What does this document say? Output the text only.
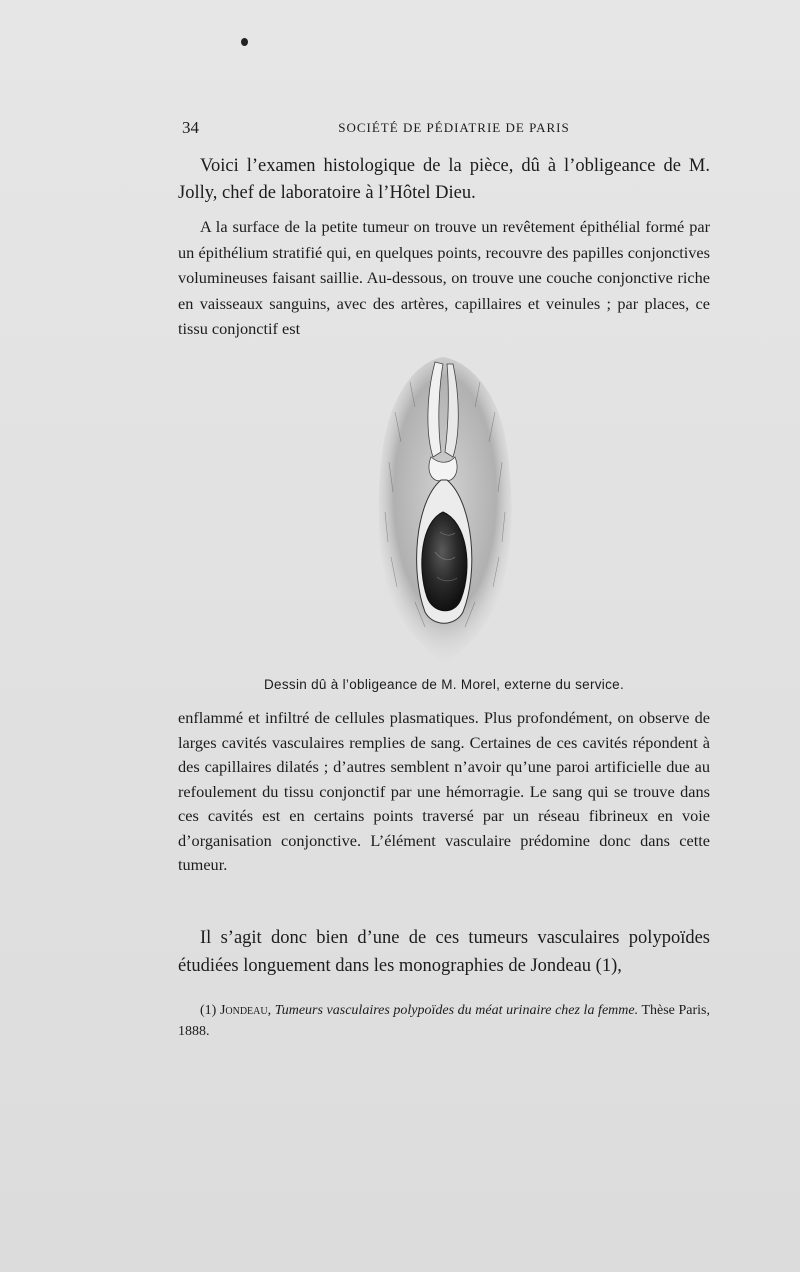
34	SOCIÉTÉ DE PÉDIATRIE DE PARIS

Voici l’examen histologique de la pièce, dû à l’obligeance de M. Jolly, chef de laboratoire à l’Hôtel Dieu.

A la surface de la petite tumeur on trouve un revêtement épithélial formé par un épithélium stratifié qui, en quelques points, recouvre des papilles conjonctives volumineuses faisant saillie. Au-dessous, on trouve une couche conjonctive riche en vaisseaux sanguins, avec des artères, capillaires et veinules ; par places, ce tissu conjonctif est

Dessin dû à l’obligeance de M. Morel, externe du service.

enflammé et infiltré de cellules plasmatiques. Plus profondément, on observe de larges cavités vasculaires remplies de sang. Certaines de ces cavités répondent à des capillaires dilatés ; d’autres semblent n’avoir qu’une paroi artificielle due au refoulement du tissu conjonctif par une hémorragie. Le sang qui se trouve dans ces cavités est en certains points traversé par un réseau fibrineux en voie d’organisation conjonctive. L’élément vasculaire prédomine donc dans cette tumeur.

Il s’agit donc bien d’une de ces tumeurs vasculaires polypoïdes étudiées longuement dans les monographies de Jondeau (1),

(1) Jondeau, Tumeurs vasculaires polypoïdes du méat urinaire chez la femme. Thèse Paris, 1888.
